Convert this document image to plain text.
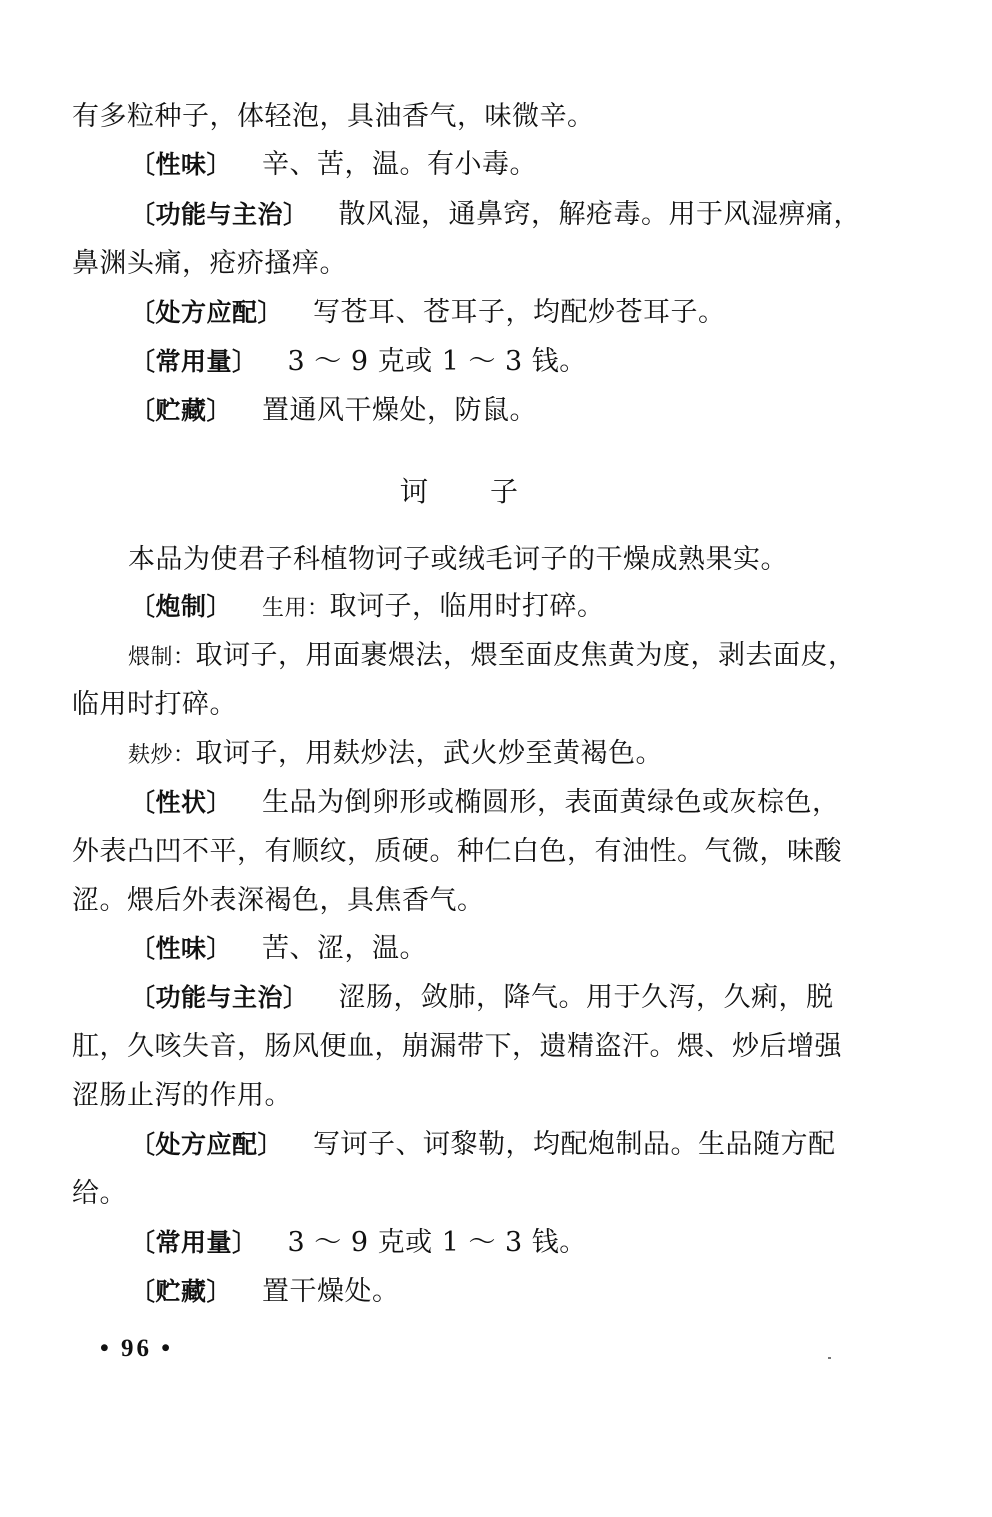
有多粒种子，体轻泡，具油香气，味微辛。
〔性味〕 辛、苦，温。有小毒。
〔功能与主治〕 散风湿，通鼻窍，解疮毒。用于风湿痹痛，
鼻渊头痛，疮疥搔痒。
〔处方应配〕 写苍耳、苍耳子，均配炒苍耳子。
〔常用量〕 3 ～ 9 克或 1 ～ 3 钱。
〔贮藏〕 置通风干燥处，防鼠。
诃子
本品为使君子科植物诃子或绒毛诃子的干燥成熟果实。
〔炮制〕 生用：取诃子，临用时打碎。
煨制：取诃子，用面裹煨法，煨至面皮焦黄为度，剥去面皮，
临用时打碎。
麸炒：取诃子，用麸炒法，武火炒至黄褐色。
〔性状〕 生品为倒卵形或椭圆形，表面黄绿色或灰棕色，
外表凸凹不平，有顺纹，质硬。种仁白色，有油性。气微，味酸
涩。煨后外表深褐色，具焦香气。
〔性味〕 苦、涩，温。
〔功能与主治〕 涩肠，敛肺，降气。用于久泻，久痢，脱
肛，久咳失音，肠风便血，崩漏带下，遗精盗汗。煨、炒后增强
涩肠止泻的作用。
〔处方应配〕 写诃子、诃黎勒，均配炮制品。生品随方配
给。
〔常用量〕 3 ～ 9 克或 1 ～ 3 钱。
〔贮藏〕 置干燥处。
• 96 •
